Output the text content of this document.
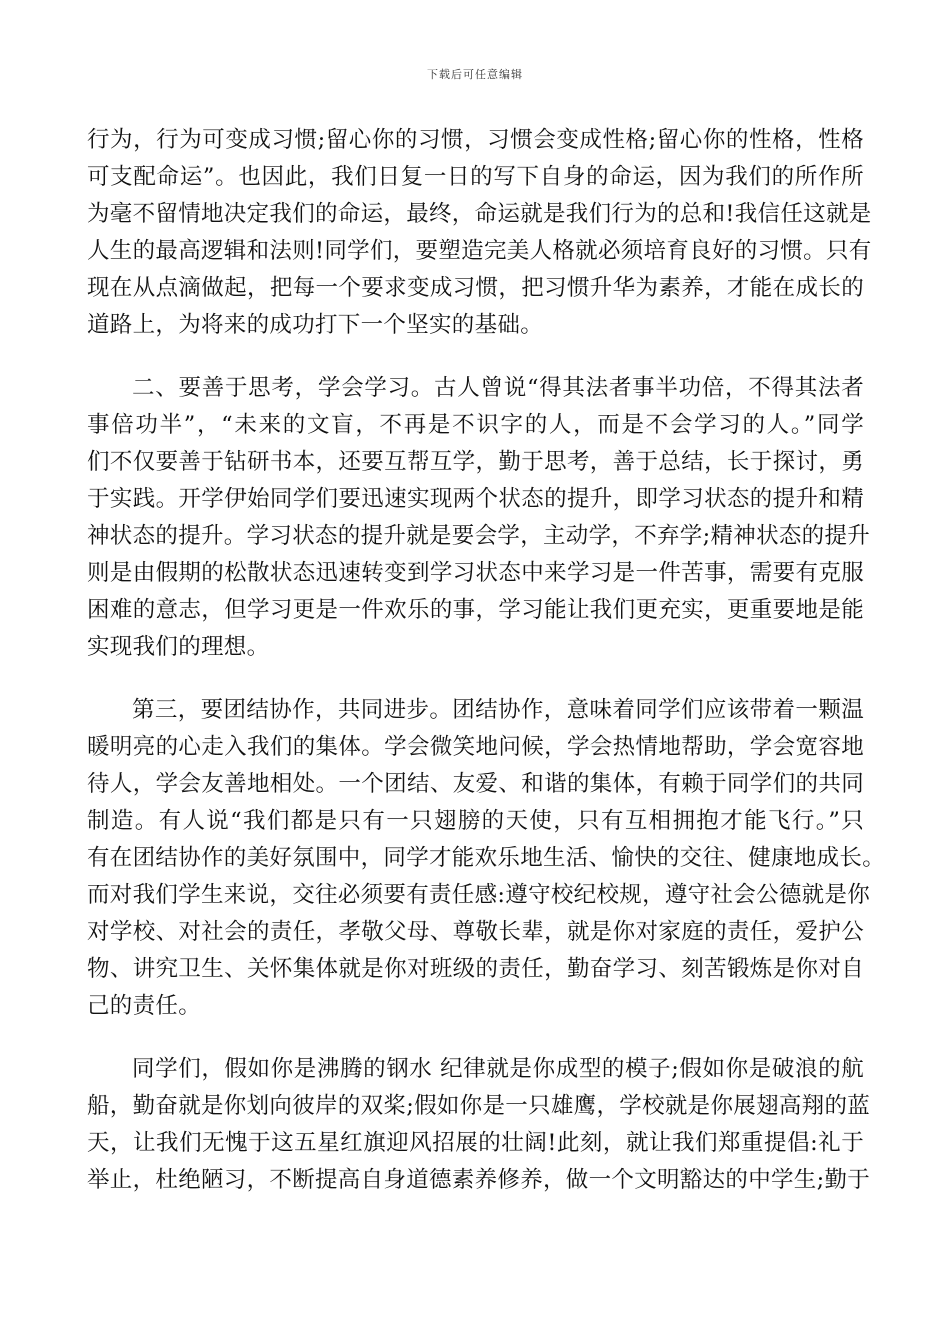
下载后可任意编辑

行为，行为可变成习惯;留心你的习惯，习惯会变成性格;留心你的性格，性格
可支配命运”。也因此，我们日复一日的写下自身的命运，因为我们的所作所
为毫不留情地决定我们的命运，最终，命运就是我们行为的总和!我信任这就是
人生的最高逻辑和法则!同学们，要塑造完美人格就必须培育良好的习惯。只有
现在从点滴做起，把每一个要求变成习惯，把习惯升华为素养，才能在成长的
道路上，为将来的成功打下一个坚实的基础。

二、要善于思考，学会学习。古人曾说“得其法者事半功倍，不得其法者
事倍功半”，“未来的文盲，不再是不识字的人，而是不会学习的人。”同学
们不仅要善于钻研书本，还要互帮互学，勤于思考，善于总结，长于探讨，勇
于实践。开学伊始同学们要迅速实现两个状态的提升，即学习状态的提升和精
神状态的提升。学习状态的提升就是要会学，主动学，不弃学;精神状态的提升
则是由假期的松散状态迅速转变到学习状态中来学习是一件苦事，需要有克服
困难的意志，但学习更是一件欢乐的事，学习能让我们更充实，更重要地是能
实现我们的理想。

第三，要团结协作，共同进步。团结协作，意味着同学们应该带着一颗温
暖明亮的心走入我们的集体。学会微笑地问候，学会热情地帮助，学会宽容地
待人，学会友善地相处。一个团结、友爱、和谐的集体，有赖于同学们的共同
制造。有人说“我们都是只有一只翅膀的天使，只有互相拥抱才能飞行。”只
有在团结协作的美好氛围中，同学才能欢乐地生活、愉快的交往、健康地成长。
而对我们学生来说，交往必须要有责任感:遵守校纪校规，遵守社会公德就是你
对学校、对社会的责任，孝敬父母、尊敬长辈，就是你对家庭的责任，爱护公
物、讲究卫生、关怀集体就是你对班级的责任，勤奋学习、刻苦锻炼是你对自
己的责任。

同学们，假如你是沸腾的钢水 纪律就是你成型的模子;假如你是破浪的航
船，勤奋就是你划向彼岸的双桨;假如你是一只雄鹰，学校就是你展翅高翔的蓝
天，让我们无愧于这五星红旗迎风招展的壮阔!此刻，就让我们郑重提倡:礼于
举止，杜绝陋习，不断提高自身道德素养修养，做一个文明豁达的中学生;勤于
